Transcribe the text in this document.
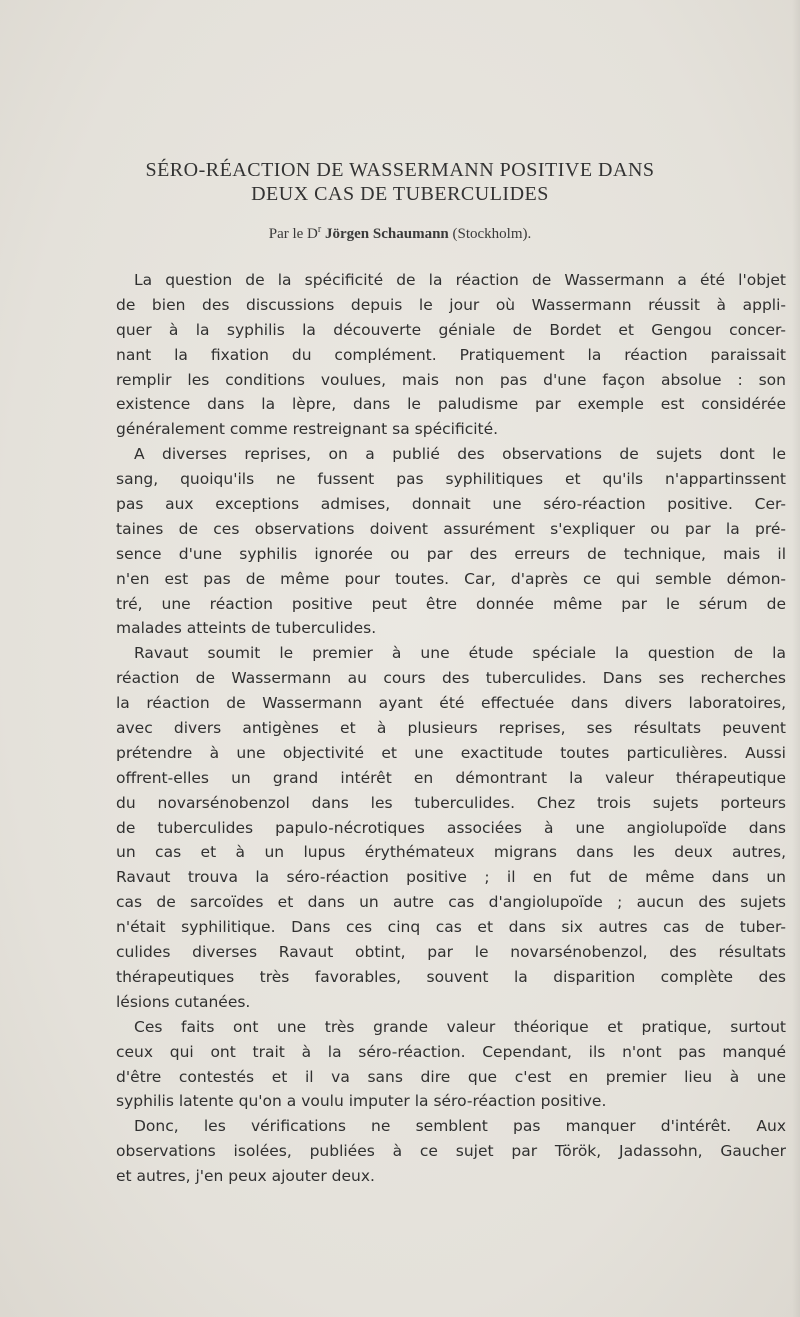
SÉRO-RÉACTION DE WASSERMANN POSITIVE DANS
DEUX CAS DE TUBERCULIDES
Par le $D^r$ Jörgen Schaumann (Stockholm).
La question de la spécificité de la réaction de Wassermann a été l'objet
de bien des discussions depuis le jour où Wassermann réussit à appli-
quer à la syphilis la découverte géniale de Bordet et Gengou concer-
nant la fixation du complément. Pratiquement la réaction paraissait
remplir les conditions voulues, mais non pas d'une façon absolue : son
existence dans la lèpre, dans le paludisme par exemple est considérée
généralement comme restreignant sa spécificité.
A diverses reprises, on a publié des observations de sujets dont le
sang, quoiqu'ils ne fussent pas syphilitiques et qu'ils n'appartinssent
pas aux exceptions admises, donnait une séro-réaction positive. Cer-
taines de ces observations doivent assurément s'expliquer ou par la pré-
sence d'une syphilis ignorée ou par des erreurs de technique, mais il
n'en est pas de même pour toutes. Car, d'après ce qui semble démon-
tré, une réaction positive peut être donnée même par le sérum de
malades atteints de tuberculides.
Ravaut soumit le premier à une étude spéciale la question de la
réaction de Wassermann au cours des tuberculides. Dans ses recherches
la réaction de Wassermann ayant été effectuée dans divers laboratoires,
avec divers antigènes et à plusieurs reprises, ses résultats peuvent
prétendre à une objectivité et une exactitude toutes particulières. Aussi
offrent-elles un grand intérêt en démontrant la valeur thérapeutique
du novarsénobenzol dans les tuberculides. Chez trois sujets porteurs
de tuberculides papulo-nécrotiques associées à une angiolupoïde dans
un cas et à un lupus érythémateux migrans dans les deux autres,
Ravaut trouva la séro-réaction positive ; il en fut de même dans un
cas de sarcoïdes et dans un autre cas d'angiolupoïde ; aucun des sujets
n'était syphilitique. Dans ces cinq cas et dans six autres cas de tuber-
culides diverses Ravaut obtint, par le novarsénobenzol, des résultats
thérapeutiques très favorables, souvent la disparition complète des
lésions cutanées.
Ces faits ont une très grande valeur théorique et pratique, surtout
ceux qui ont trait à la séro-réaction. Cependant, ils n'ont pas manqué
d'être contestés et il va sans dire que c'est en premier lieu à une
syphilis latente qu'on a voulu imputer la séro-réaction positive.
Donc, les vérifications ne semblent pas manquer d'intérêt. Aux
observations isolées, publiées à ce sujet par Török, Jadassohn, Gaucher
et autres, j'en peux ajouter deux.
